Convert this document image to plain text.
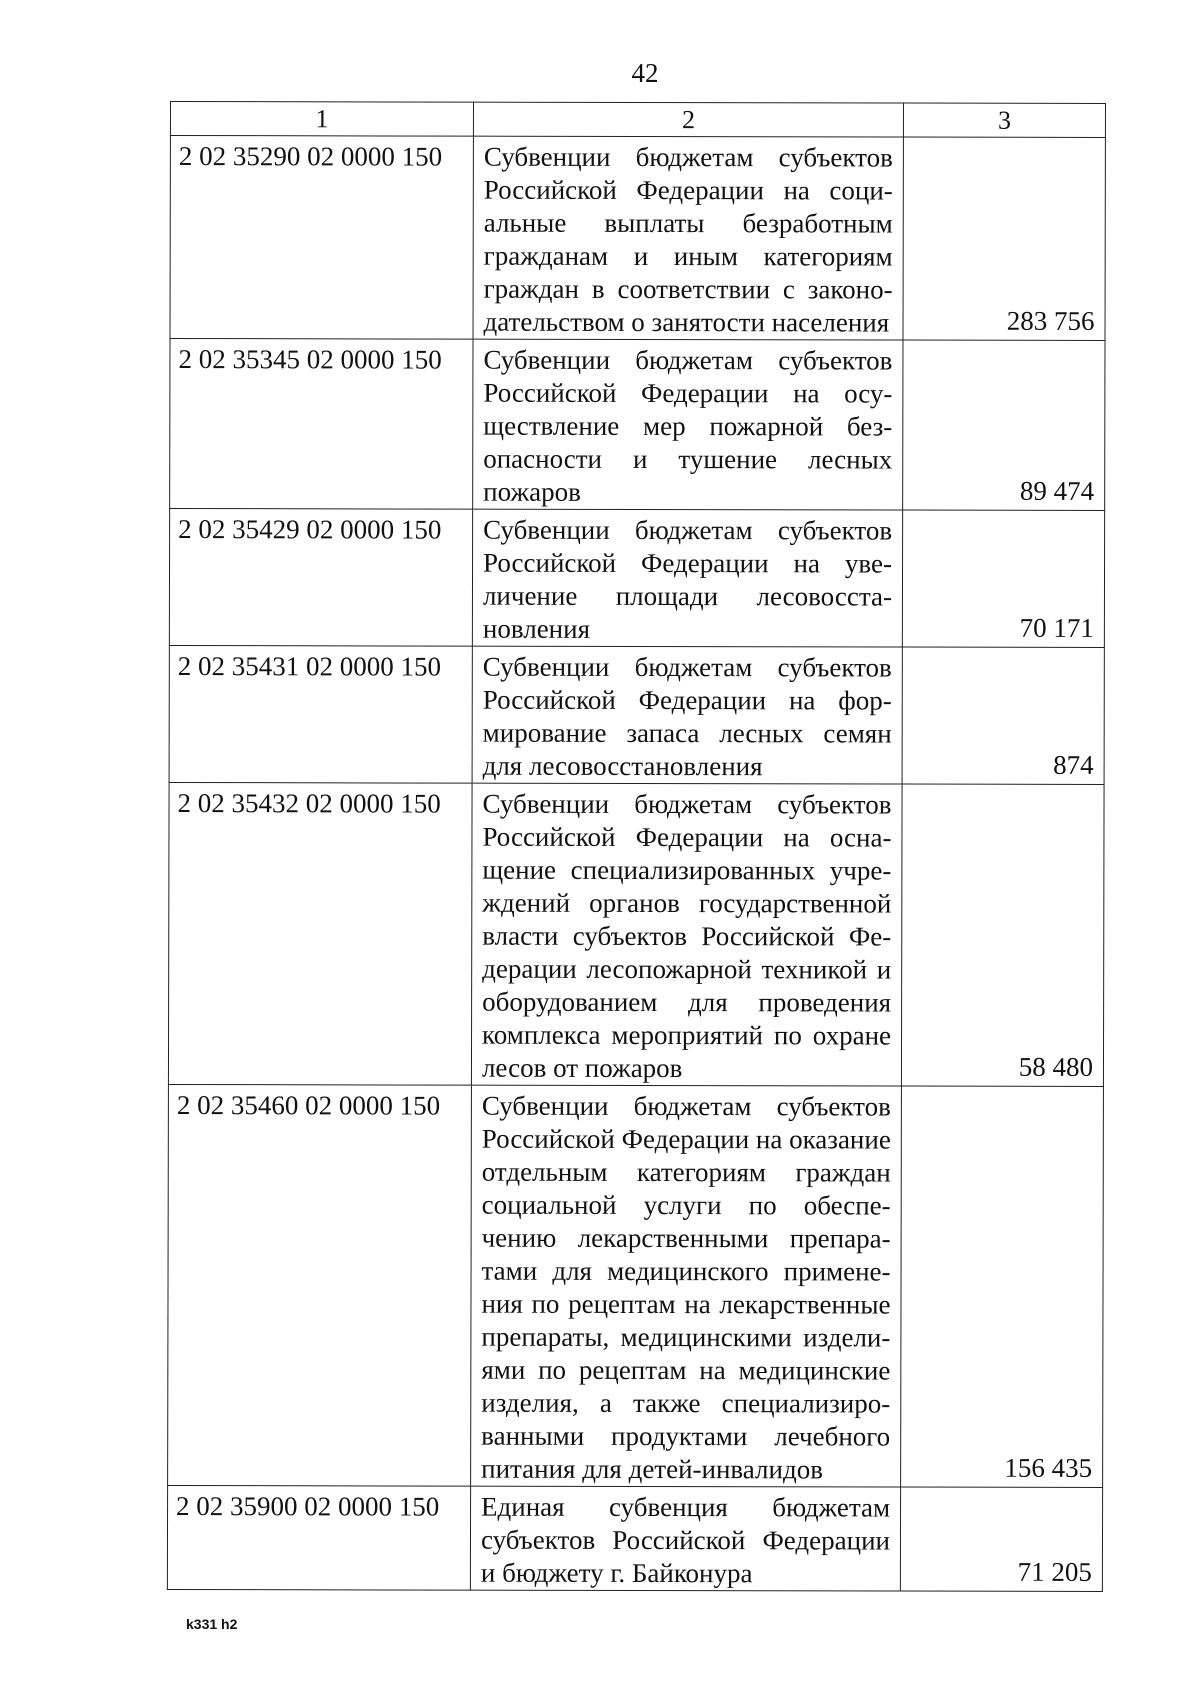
42
1	2	3
2 02 35290 02 0000 150	Субвенции бюджетам субъектов Российской Федерации на социальные выплаты безработным гражданам и иным категориям граждан в соответствии с законодательством о занятости населения	283 756
2 02 35345 02 0000 150	Субвенции бюджетам субъектов Российской Федерации на осуществление мер пожарной безопасности и тушение лесных пожаров	89 474
2 02 35429 02 0000 150	Субвенции бюджетам субъектов Российской Федерации на увеличение площади лесовосстановления	70 171
2 02 35431 02 0000 150	Субвенции бюджетам субъектов Российской Федерации на формирование запаса лесных семян для лесовосстановления	874
2 02 35432 02 0000 150	Субвенции бюджетам субъектов Российской Федерации на оснащение специализированных учреждений органов государственной власти субъектов Российской Федерации лесопожарной техникой и оборудованием для проведения комплекса мероприятий по охране лесов от пожаров	58 480
2 02 35460 02 0000 150	Субвенции бюджетам субъектов Российской Федерации на оказание отдельным категориям граждан социальной услуги по обеспечению лекарственными препаратами для медицинского применения по рецептам на лекарственные препараты, медицинскими изделиями по рецептам на медицинские изделия, а также специализированными продуктами лечебного питания для детей-инвалидов	156 435
2 02 35900 02 0000 150	Единая субвенция бюджетам субъектов Российской Федерации и бюджету г. Байконура	71 205
k331 h2
